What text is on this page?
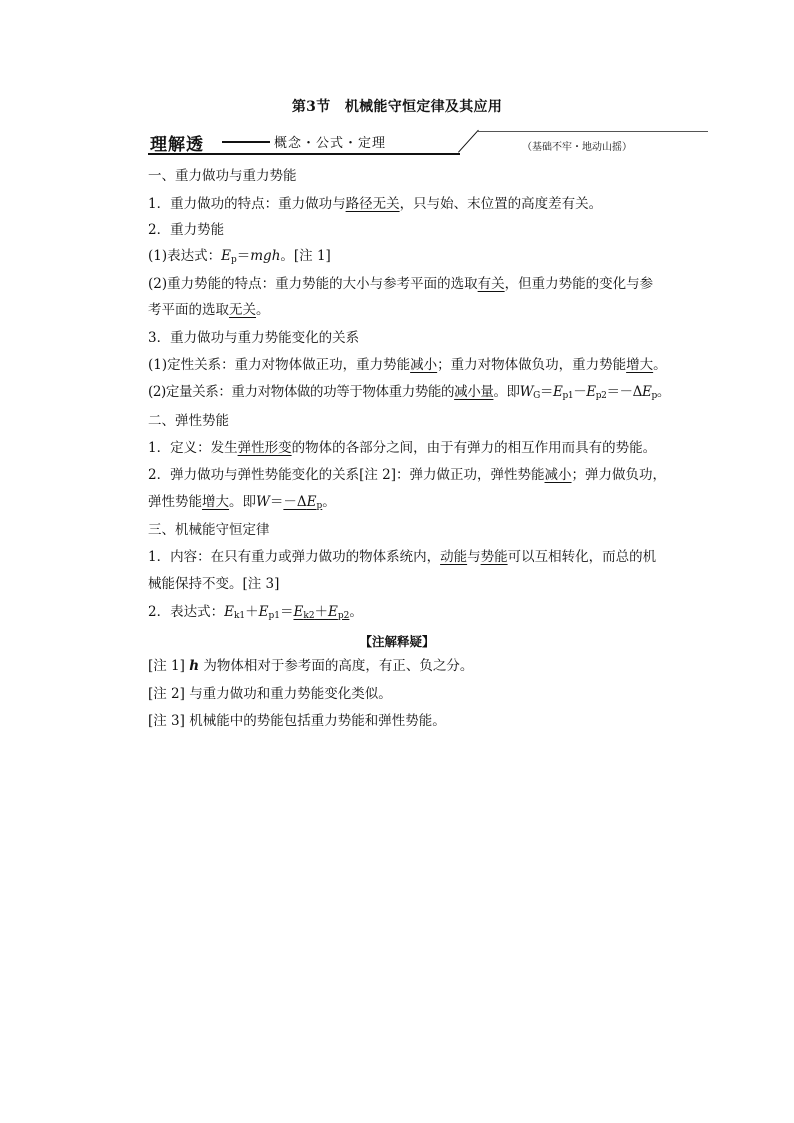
第3节　机械能守恒定律及其应用
理解透	概念・公式・定理	（基础不牢・地动山摇）
一、重力做功与重力势能
1．重力做功的特点：重力做功与路径无关，只与始、末位置的高度差有关。
2．重力势能
(1)表达式：$E_p=mgh$。[注 1]
(2)重力势能的特点：重力势能的大小与参考平面的选取有关，但重力势能的变化与参
考平面的选取无关。
3．重力做功与重力势能变化的关系
(1)定性关系：重力对物体做正功，重力势能减小；重力对物体做负功，重力势能增大。
(2)定量关系：重力对物体做的功等于物体重力势能的减小量。即$W_G=E_{p1}-E_{p2}=-\Delta E_p$。
二、弹性势能
1．定义：发生弹性形变的物体的各部分之间，由于有弹力的相互作用而具有的势能。
2．弹力做功与弹性势能变化的关系[注 2]：弹力做正功，弹性势能减小；弹力做负功，
弹性势能增大。即$W=-\Delta E_p$。
三、机械能守恒定律
1．内容：在只有重力或弹力做功的物体系统内，动能与势能可以互相转化，而总的机
械能保持不变。[注 3]
2．表达式：$E_{k1}+E_{p1}=E_{k2}+E_{p2}$。
【注解释疑】
[注 1] h 为物体相对于参考面的高度，有正、负之分。
[注 2] 与重力做功和重力势能变化类似。
[注 3] 机械能中的势能包括重力势能和弹性势能。
